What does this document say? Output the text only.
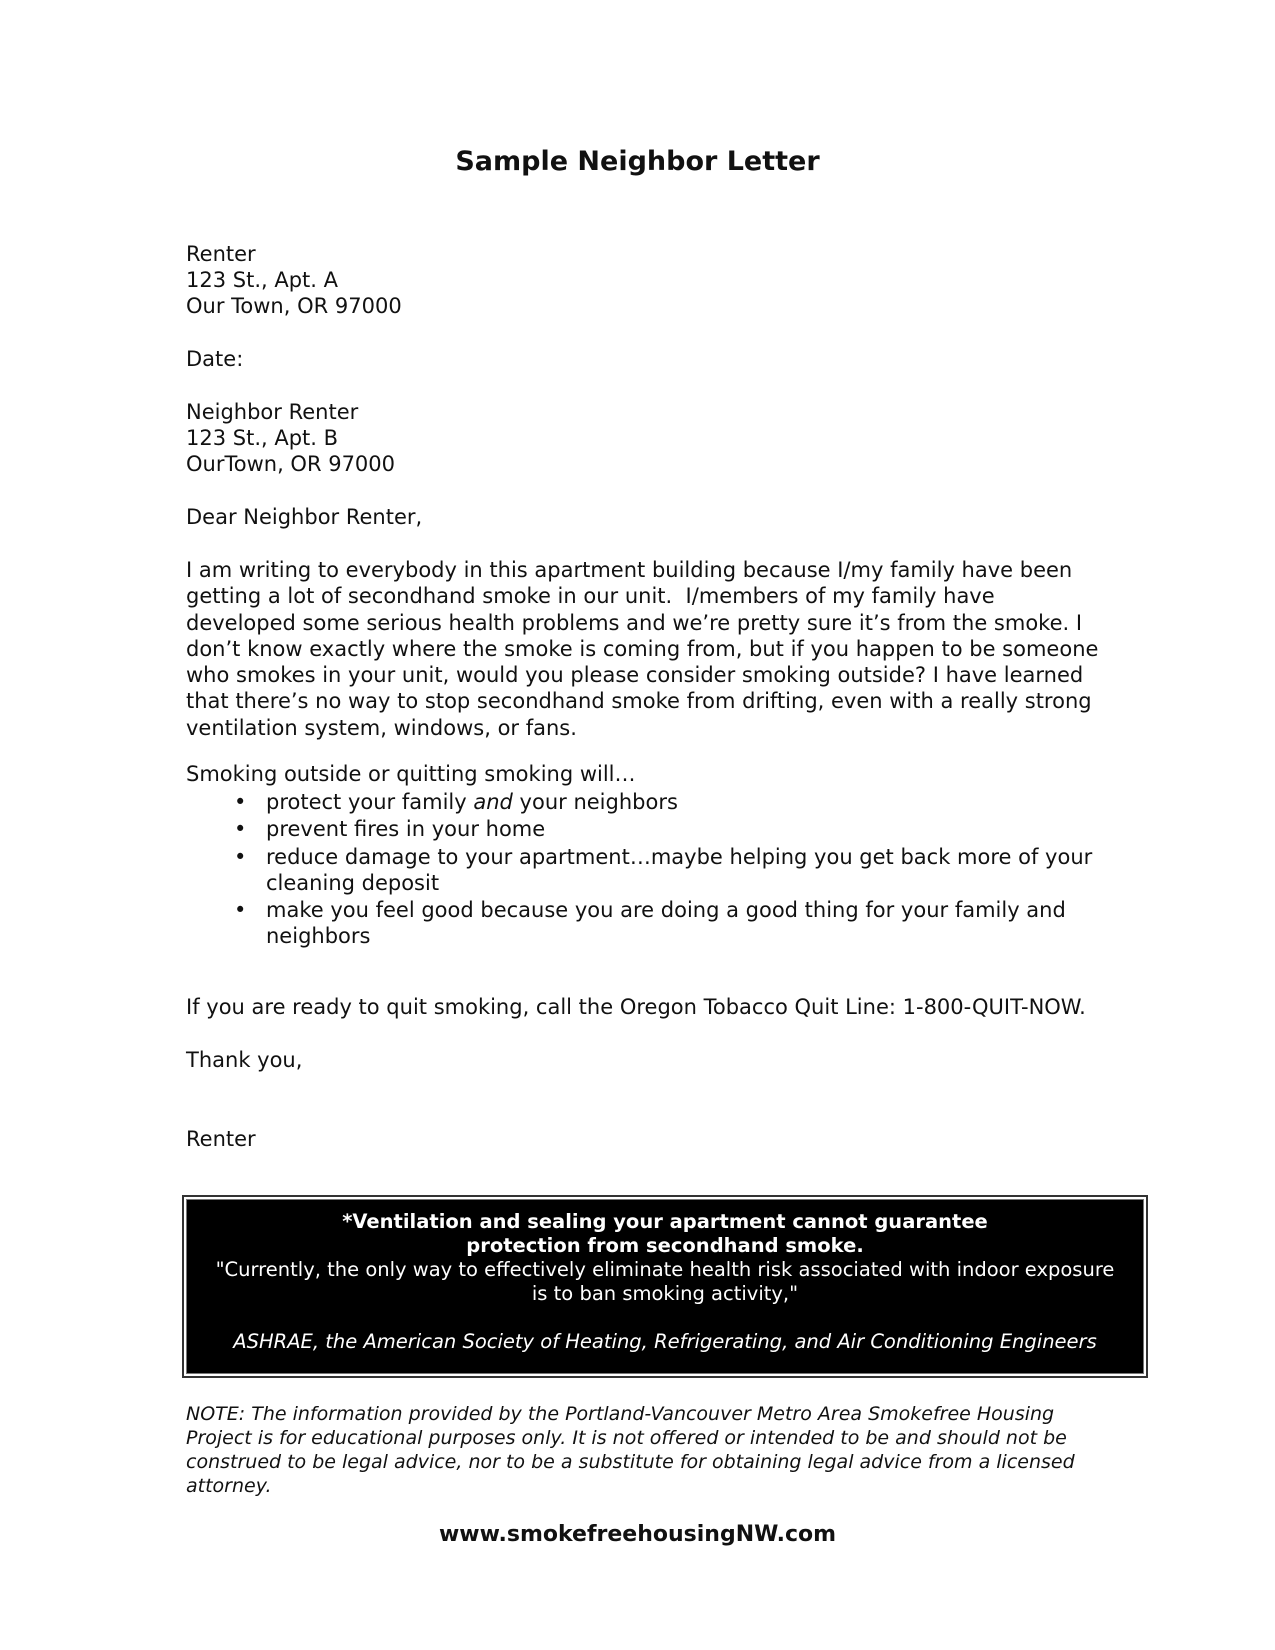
Sample Neighbor Letter
Renter
123 St., Apt. A
Our Town, OR 97000
Date:
Neighbor Renter
123 St., Apt. B
OurTown, OR 97000
Dear Neighbor Renter,
I am writing to everybody in this apartment building because I/my family have been
getting a lot of secondhand smoke in our unit.  I/members of my family have
developed some serious health problems and we’re pretty sure it’s from the smoke. I
don’t know exactly where the smoke is coming from, but if you happen to be someone
who smokes in your unit, would you please consider smoking outside? I have learned
that there’s no way to stop secondhand smoke from drifting, even with a really strong
ventilation system, windows, or fans.
Smoking outside or quitting smoking will…
• protect your family and your neighbors
• prevent fires in your home
• reduce damage to your apartment…maybe helping you get back more of your
cleaning deposit
• make you feel good because you are doing a good thing for your family and
neighbors
If you are ready to quit smoking, call the Oregon Tobacco Quit Line: 1-800-QUIT-NOW.
Thank you,
Renter
*Ventilation and sealing your apartment cannot guarantee
protection from secondhand smoke.
"Currently, the only way to effectively eliminate health risk associated with indoor exposure
is to ban smoking activity,"
ASHRAE, the American Society of Heating, Refrigerating, and Air Conditioning Engineers
NOTE: The information provided by the Portland-Vancouver Metro Area Smokefree Housing
Project is for educational purposes only. It is not offered or intended to be and should not be
construed to be legal advice, nor to be a substitute for obtaining legal advice from a licensed
attorney.
www.smokefreehousingNW.com
